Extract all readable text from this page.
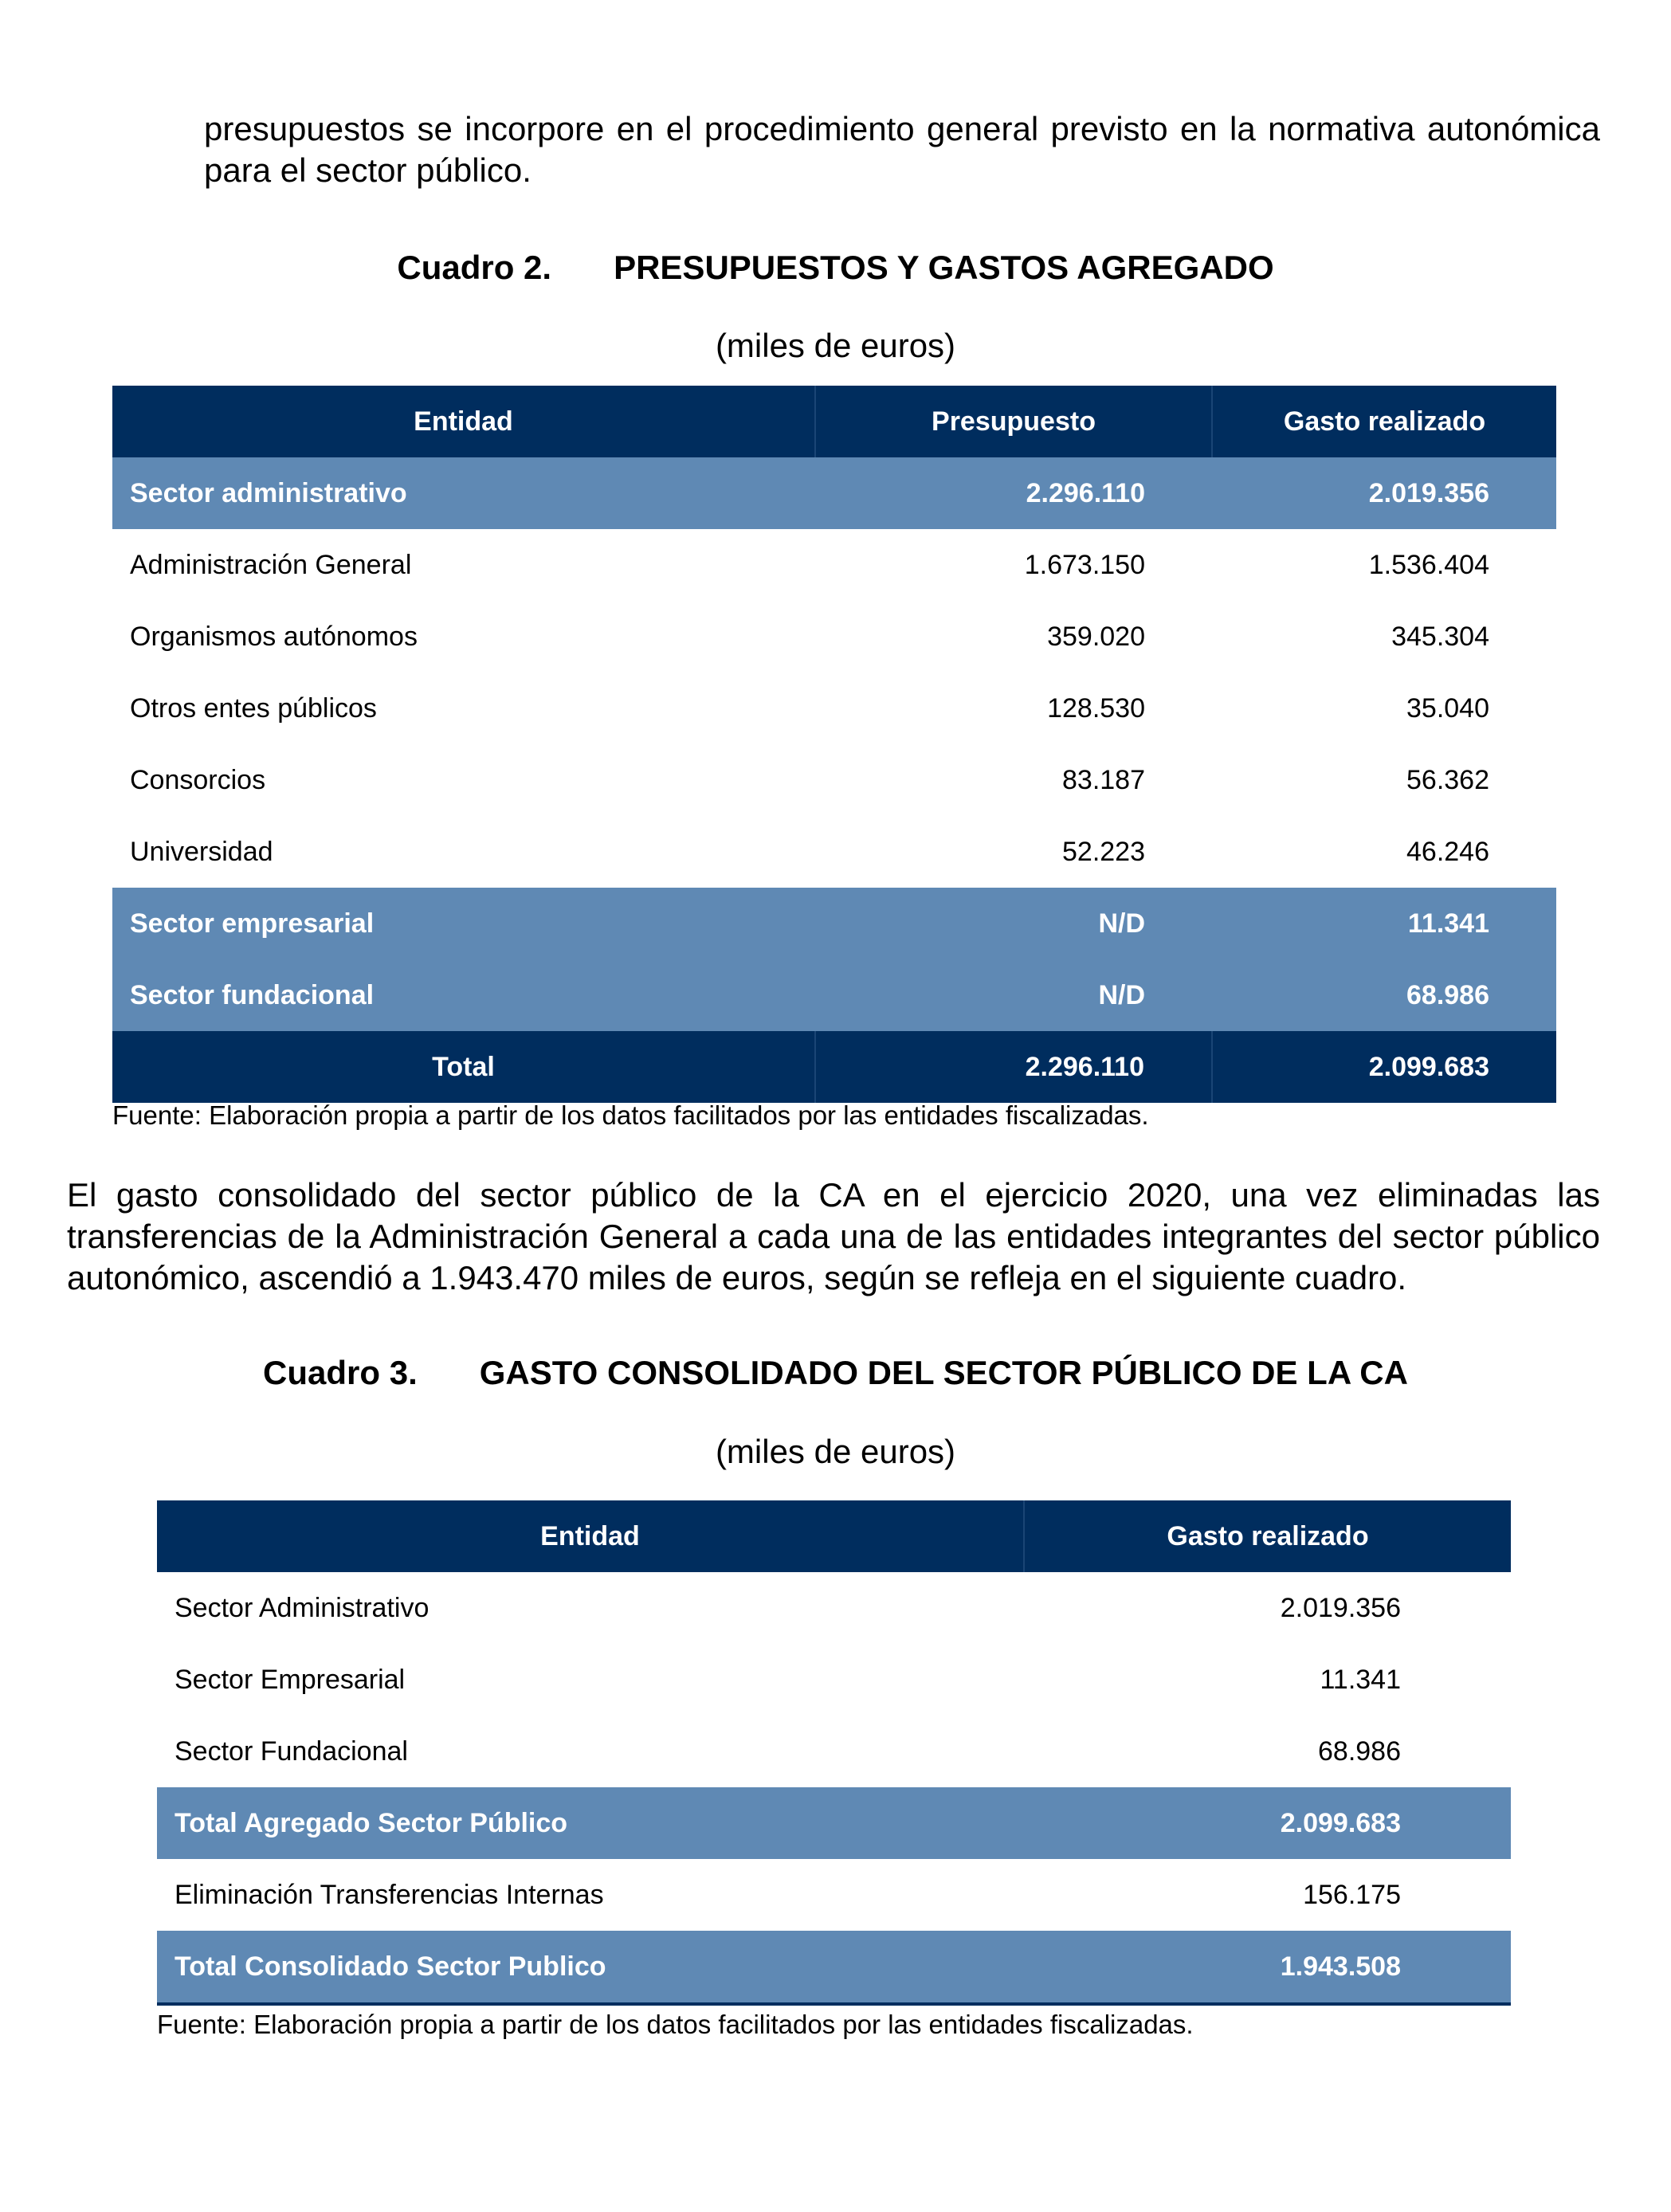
presupuestos se incorpore en el procedimiento general previsto en la normativa autonómica para el sector público.

Cuadro 2. PRESUPUESTOS Y GASTOS AGREGADO

(miles de euros)

Entidad	Presupuesto	Gasto realizado
Sector administrativo	2.296.110	2.019.356
Administración General	1.673.150	1.536.404
Organismos autónomos	359.020	345.304
Otros entes públicos	128.530	35.040
Consorcios	83.187	56.362
Universidad	52.223	46.246
Sector empresarial	N/D	11.341
Sector fundacional	N/D	68.986
Total	2.296.110	2.099.683

Fuente: Elaboración propia a partir de los datos facilitados por las entidades fiscalizadas.

El gasto consolidado del sector público de la CA en el ejercicio 2020, una vez eliminadas las transferencias de la Administración General a cada una de las entidades integrantes del sector público autonómico, ascendió a 1.943.470 miles de euros, según se refleja en el siguiente cuadro.

Cuadro 3. GASTO CONSOLIDADO DEL SECTOR PÚBLICO DE LA CA

(miles de euros)

Entidad	Gasto realizado
Sector Administrativo	2.019.356
Sector Empresarial	11.341
Sector Fundacional	68.986
Total Agregado Sector Público	2.099.683
Eliminación Transferencias Internas	156.175
Total Consolidado Sector Publico	1.943.508

Fuente: Elaboración propia a partir de los datos facilitados por las entidades fiscalizadas.
